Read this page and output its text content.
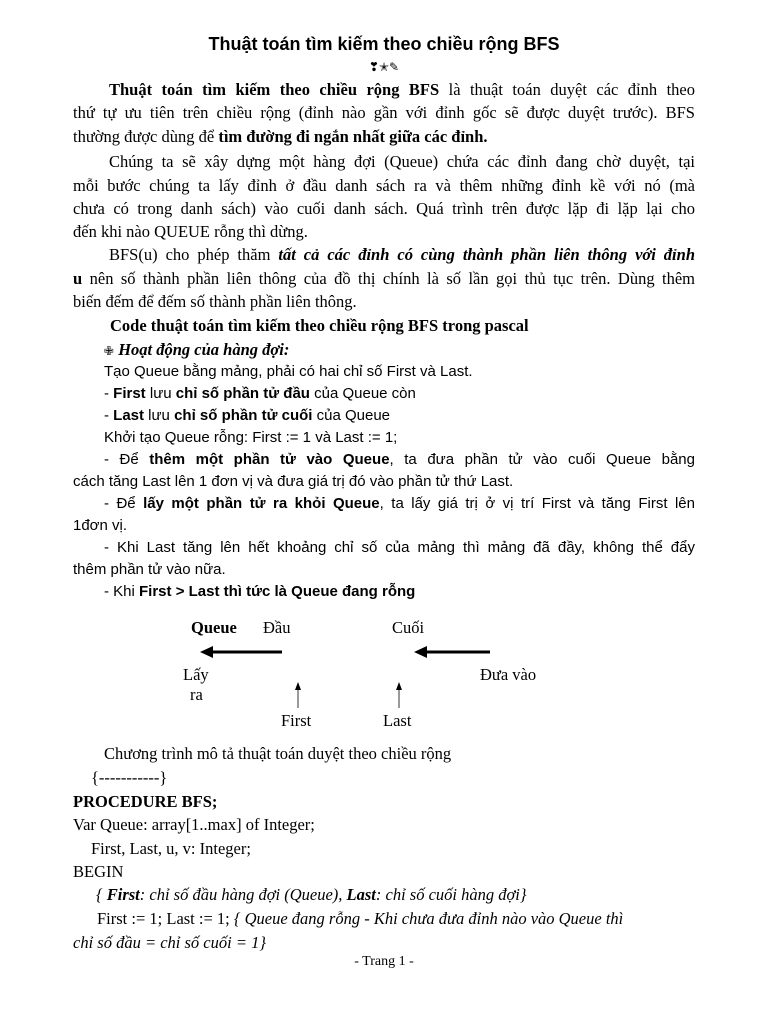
Thuật toán tìm kiếm theo chiều rộng BFS
❣✭✎
Thuật toán tìm kiếm theo chiều rộng BFS là thuật toán duyệt các đỉnh theo
thứ tự ưu tiên trên chiều rộng (đỉnh nào gần với đỉnh gốc sẽ được duyệt trước). BFS
thường được dùng để tìm đường đi ngắn nhất giữa các đỉnh.
Chúng ta sẽ xây dựng một hàng đợi (Queue) chứa các đỉnh đang chờ duyệt, tại
mỗi bước chúng ta lấy đỉnh ở đầu danh sách ra và thêm những đỉnh kề với nó (mà
chưa có trong danh sách) vào cuối danh sách. Quá trình trên được lặp đi lặp lại cho
đến khi nào QUEUE rỗng thì dừng.
BFS(u) cho phép thăm tất cả các đỉnh có cùng thành phần liên thông với đỉnh
u nên số thành phần liên thông của đồ thị chính là số lần gọi thủ tục trên. Dùng thêm
biến đếm để đếm số thành phần liên thông.
Code thuật toán tìm kiếm theo chiều rộng BFS trong pascal
✙ Hoạt động của hàng đợi:
Tạo Queue bằng mảng, phải có hai chỉ số First và Last.
- First lưu chỉ số phần tử đầu của Queue còn
- Last lưu chỉ số phần tử cuối của Queue
Khởi tạo Queue rỗng: First := 1 và Last := 1;
- Để thêm một phần tử vào Queue, ta đưa phần tử vào cuối Queue bằng
cách tăng Last lên 1 đơn vị và đưa giá trị đó vào phần tử thứ Last.
- Để lấy một phần tử ra khỏi Queue, ta lấy giá trị ở vị trí First và tăng First lên
1đơn vị.
- Khi Last tăng lên hết khoảng chỉ số của mảng thì mảng đã đầy, không thể đẩy
thêm phần tử vào nữa.
- Khi First > Last thì tức là Queue đang rỗng
Queue Đầu	Cuối
Lấy
ra
Đưa vào
First	Last
Chương trình mô tả thuật toán duyệt theo chiều rộng
{-----------}
PROCEDURE BFS;
Var Queue: array[1..max] of Integer;
First, Last, u, v: Integer;
BEGIN
{ First: chỉ số đầu hàng đợi (Queue), Last: chỉ số cuối hàng đợi}
First := 1; Last := 1; { Queue đang rỗng - Khi chưa đưa đỉnh nào vào Queue thì
chỉ số đầu = chỉ số cuối = 1}
- Trang 1 -
